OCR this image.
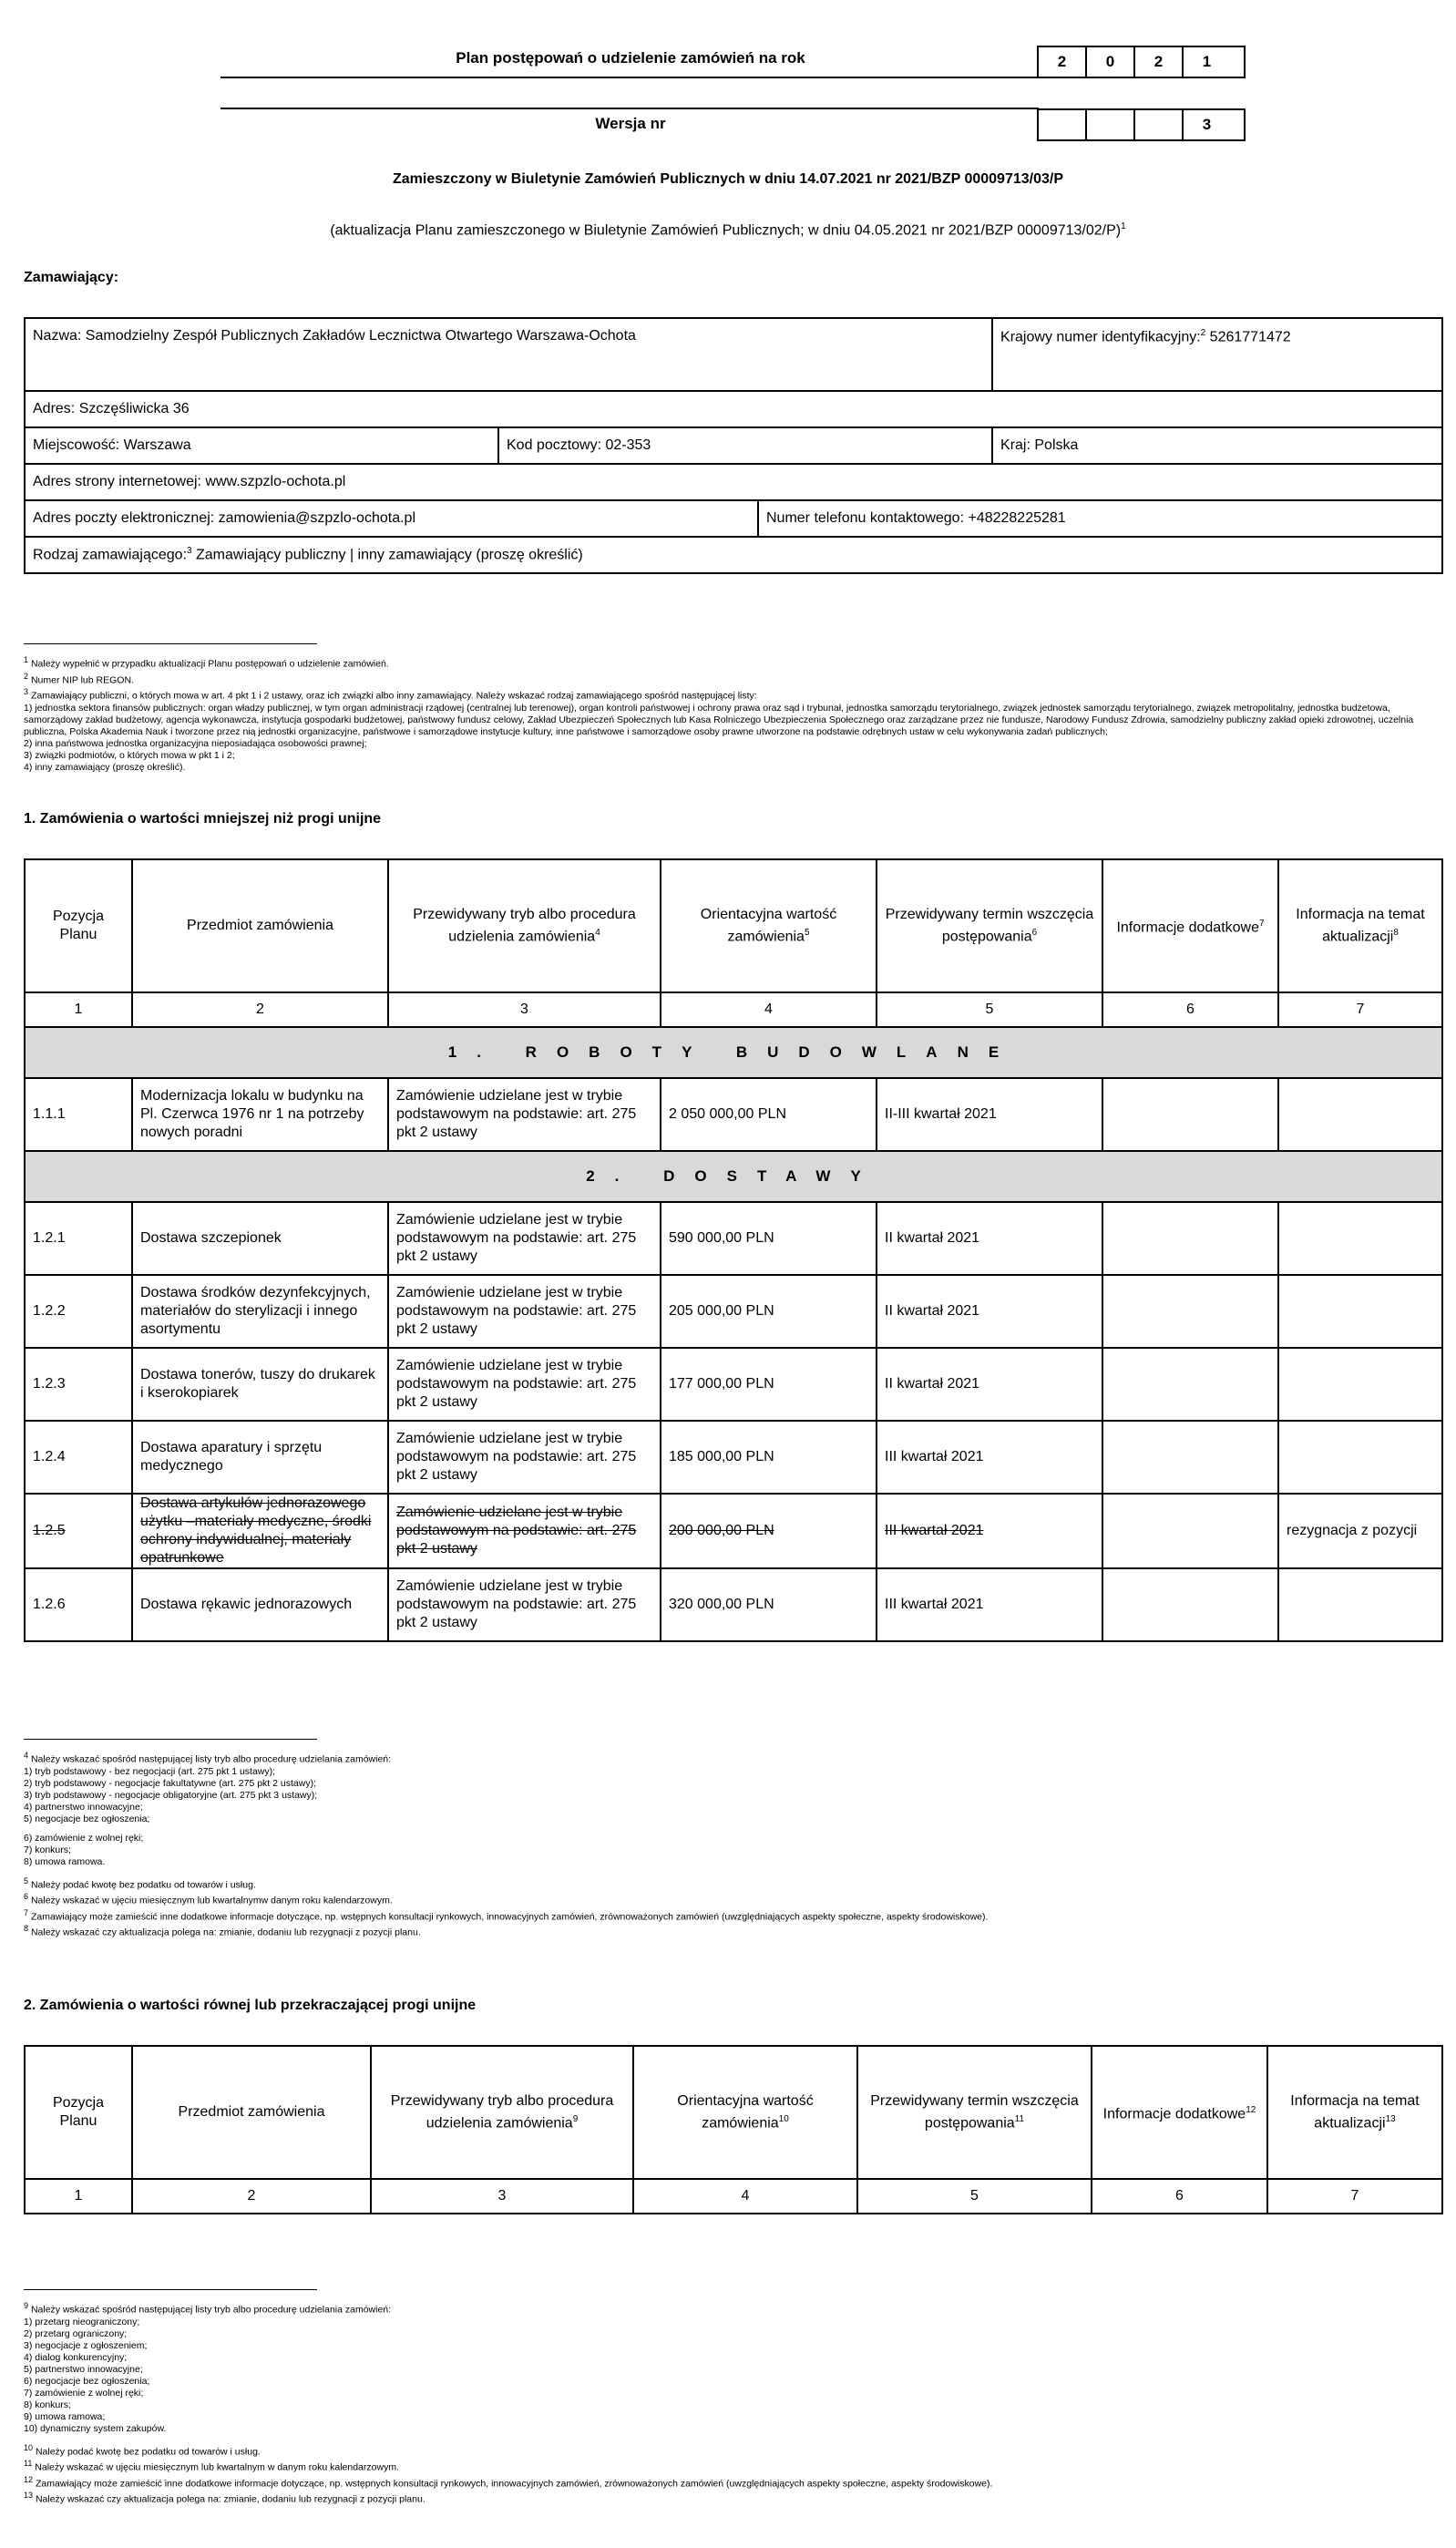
Plan postępowań o udzielenie zamówień na rok	2	0	2	1
Wersja nr	3
Zamieszczony w Biuletynie Zamówień Publicznych w dniu 14.07.2021 nr 2021/BZP 00009713/03/P
(aktualizacja Planu zamieszczonego w Biuletynie Zamówień Publicznych; w dniu 04.05.2021 nr 2021/BZP 00009713/02/P)$^1$
Zamawiający:
Nazwa: Samodzielny Zespół Publicznych Zakładów Lecznictwa Otwartego Warszawa-Ochota			Krajowy numer identyfikacyjny:$^2$ 5261771472
Adres: Szczęśliwicka 36			
Miejscowość: Warszawa	Kod pocztowy: 02-353		Kraj: Polska
Adres strony internetowej: www.szpzlo-ochota.pl			
Adres poczty elektronicznej: zamowienia@szpzlo-ochota.pl		Numer telefonu kontaktowego: +48228225281	
Rodzaj zamawiającego:$^3$ Zamawiający publiczny | inny zamawiający (proszę określić)			
$^1$ Należy wypełnić w przypadku aktualizacji Planu postępowań o udzielenie zamówień.
$^2$ Numer NIP lub REGON.
$^3$ Zamawiający publiczni, o których mowa w art. 4 pkt 1 i 2 ustawy, oraz ich związki albo inny zamawiający. Należy wskazać rodzaj zamawiającego spośród następującej listy:
1) jednostka sektora finansów publicznych: organ władzy publicznej, w tym organ administracji rządowej (centralnej lub terenowej), organ kontroli państwowej i ochrony prawa oraz sąd i trybunał, jednostka samorządu terytorialnego, związek jednostek samorządu terytorialnego, związek metropolitalny, jednostka budżetowa, samorządowy zakład budżetowy, agencja wykonawcza, instytucja gospodarki budżetowej, państwowy fundusz celowy, Zakład Ubezpieczeń Społecznych lub Kasa Rolniczego Ubezpieczenia Społecznego oraz zarządzane przez nie fundusze, Narodowy Fundusz Zdrowia, samodzielny publiczny zakład opieki zdrowotnej, uczelnia publiczna, Polska Akademia Nauk i tworzone przez nią jednostki organizacyjne, państwowe i samorządowe instytucje kultury, inne państwowe i samorządowe osoby prawne utworzone na podstawie odrębnych ustaw w celu wykonywania zadań publicznych;
2) inna państwowa jednostka organizacyjna nieposiadająca osobowości prawnej;
3) związki podmiotów, o których mowa w pkt 1 i 2;
4) inny zamawiający (proszę określić).
1. Zamówienia o wartości mniejszej niż progi unijne
Pozycja Planu	Przedmiot zamówienia	Przewidywany tryb albo procedura udzielenia zamówienia$^4$	Orientacyjna wartość zamówienia$^5$	Przewidywany termin wszczęcia postępowania$^6$	Informacje dodatkowe$^7$	Informacja na temat aktualizacji$^8$
1	2	3	4	5	6	7
1. ROBOTY BUDOWLANE						
1.1.1	Modernizacja lokalu w budynku na Pl. Czerwca 1976 nr 1 na potrzeby nowych poradni	Zamówienie udzielane jest w trybie podstawowym na podstawie: art. 275 pkt 2 ustawy	2 050 000,00 PLN	II-III kwartał 2021		
2. DOSTAWY						
1.2.1	Dostawa szczepionek	Zamówienie udzielane jest w trybie podstawowym na podstawie: art. 275 pkt 2 ustawy	590 000,00 PLN	II kwartał 2021		
1.2.2	Dostawa środków dezynfekcyjnych, materiałów do sterylizacji i innego asortymentu	Zamówienie udzielane jest w trybie podstawowym na podstawie: art. 275 pkt 2 ustawy	205 000,00 PLN	II kwartał 2021		
1.2.3	Dostawa tonerów, tuszy do drukarek i kserokopiarek	Zamówienie udzielane jest w trybie podstawowym na podstawie: art. 275 pkt 2 ustawy	177 000,00 PLN	II kwartał 2021		
1.2.4	Dostawa aparatury i sprzętu medycznego	Zamówienie udzielane jest w trybie podstawowym na podstawie: art. 275 pkt 2 ustawy	185 000,00 PLN	III kwartał 2021		
1.2.5	Dostawa artykułów jednorazowego użytku –materiały medyczne, środki ochrony indywidualnej, materiały opatrunkowe	Zamówienie udzielane jest w trybie podstawowym na podstawie: art. 275 pkt 2 ustawy	200 000,00 PLN	III kwartał 2021		rezygnacja z pozycji
1.2.6	Dostawa rękawic jednorazowych	Zamówienie udzielane jest w trybie podstawowym na podstawie: art. 275 pkt 2 ustawy	320 000,00 PLN	III kwartał 2021		
$^4$ Należy wskazać spośród następującej listy tryb albo procedurę udzielania zamówień:
1) tryb podstawowy - bez negocjacji (art. 275 pkt 1 ustawy);
2) tryb podstawowy - negocjacje fakultatywne (art. 275 pkt 2 ustawy);
3) tryb podstawowy - negocjacje obligatoryjne (art. 275 pkt 3 ustawy);
4) partnerstwo innowacyjne;
5) negocjacje bez ogłoszenia;
6) zamówienie z wolnej ręki;
7) konkurs;
8) umowa ramowa.
$^5$ Należy podać kwotę bez podatku od towarów i usług.
$^6$ Należy wskazać w ujęciu miesięcznym lub kwartalnymw danym roku kalendarzowym.
$^7$ Zamawiający może zamieścić inne dodatkowe informacje dotyczące, np. wstępnych konsultacji rynkowych, innowacyjnych zamówień, zrównoważonych zamówień (uwzględniających aspekty społeczne, aspekty środowiskowe).
$^8$ Należy wskazać czy aktualizacja polega na: zmianie, dodaniu lub rezygnacji z pozycji planu.
2. Zamówienia o wartości równej lub przekraczającej progi unijne
Pozycja Planu	Przedmiot zamówienia	Przewidywany tryb albo procedura udzielenia zamówienia$^9$	Orientacyjna wartość zamówienia$^{10}$	Przewidywany termin wszczęcia postępowania$^{11}$	Informacje dodatkowe$^{12}$	Informacja na temat aktualizacji$^{13}$
1	2	3	4	5	6	7
$^9$ Należy wskazać spośród następującej listy tryb albo procedurę udzielania zamówień:
1) przetarg nieograniczony;
2) przetarg ograniczony;
3) negocjacje z ogłoszeniem;
4) dialog konkurencyjny;
5) partnerstwo innowacyjne;
6) negocjacje bez ogłoszenia;
7) zamówienie z wolnej ręki;
8) konkurs;
9) umowa ramowa;
10) dynamiczny system zakupów.
$^{10}$ Należy podać kwotę bez podatku od towarów i usług.
$^{11}$ Należy wskazać w ujęciu miesięcznym lub kwartalnym w danym roku kalendarzowym.
$^{12}$ Zamawiający może zamieścić inne dodatkowe informacje dotyczące, np. wstępnych konsultacji rynkowych, innowacyjnych zamówień, zrównoważonych zamówień (uwzględniających aspekty społeczne, aspekty środowiskowe).
$^{13}$ Należy wskazać czy aktualizacja polega na: zmianie, dodaniu lub rezygnacji z pozycji planu.
